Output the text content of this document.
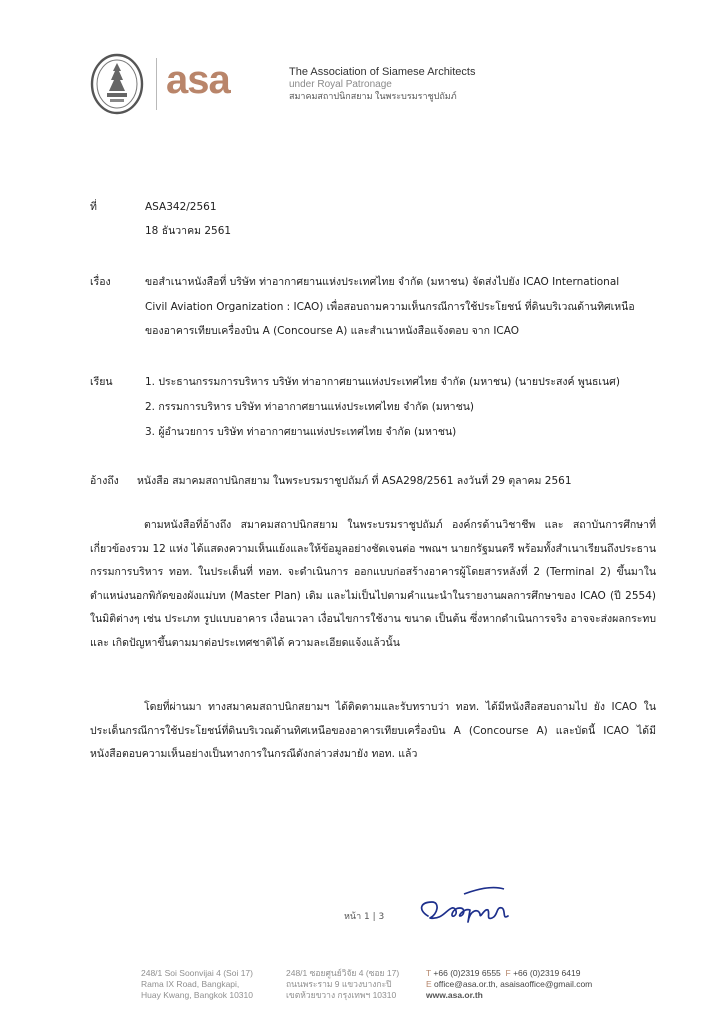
asa	The Association of Siamese Architects
under Royal Patronage
สมาคมสถาปนิกสยาม ในพระบรมราชูปถัมภ์
ที่	ASA342/2561
18 ธันวาคม 2561
เรื่อง	ขอสำเนาหนังสือที่ บริษัท ท่าอากาศยานแห่งประเทศไทย จำกัด (มหาชน) จัดส่งไปยัง ICAO International
Civil Aviation Organization : ICAO) เพื่อสอบถามความเห็นกรณีการใช้ประโยชน์ ที่ดินบริเวณด้านทิศเหนือ
ของอาคารเทียบเครื่องบิน A (Concourse A) และสำเนาหนังสือแจ้งตอบ จาก ICAO
เรียน	1. ประธานกรรมการบริหาร บริษัท ท่าอากาศยานแห่งประเทศไทย จำกัด (มหาชน) (นายประสงค์ พูนธเนศ)
2. กรรมการบริหาร บริษัท ท่าอากาศยานแห่งประเทศไทย จำกัด (มหาชน)
3. ผู้อำนวยการ บริษัท ท่าอากาศยานแห่งประเทศไทย จำกัด (มหาชน)
อ้างถึง หนังสือ สมาคมสถาปนิกสยาม ในพระบรมราชูปถัมภ์ ที่ ASA298/2561 ลงวันที่ 29 ตุลาคม 2561
ตามหนังสือที่อ้างถึง สมาคมสถาปนิกสยาม ในพระบรมราชูปถัมภ์ องค์กรด้านวิชาชีพ และ สถาบันการศึกษาที่เกี่ยวข้องรวม 12 แห่ง ได้แสดงความเห็นแย้งและให้ข้อมูลอย่างชัดเจนต่อ ฯพณฯ นายกรัฐมนตรี พร้อมทั้งสำเนาเรียนถึงประธานกรรมการบริหาร ทอท. ในประเด็นที่ ทอท. จะดำเนินการ ออกแบบก่อสร้างอาคารผู้โดยสารหลังที่ 2 (Terminal 2) ขึ้นมาในตำแหน่งนอกพิกัดของผังแม่บท (Master Plan) เดิม และไม่เป็นไปตามคำแนะนำในรายงานผลการศึกษาของ ICAO (ปี 2554) ในมิติต่างๆ เช่น ประเภท รูปแบบอาคาร เงื่อนเวลา เงื่อนไขการใช้งาน ขนาด เป็นต้น ซึ่งหากดำเนินการจริง อาจจะส่งผลกระทบและ เกิดปัญหาขึ้นตามมาต่อประเทศชาติได้ ความละเอียดแจ้งแล้วนั้น
โดยที่ผ่านมา ทางสมาคมสถาปนิกสยามฯ ได้ติดตามและรับทราบว่า ทอท. ได้มีหนังสือสอบถามไป ยัง ICAO ในประเด็นกรณีการใช้ประโยชน์ที่ดินบริเวณด้านทิศเหนือของอาคารเทียบเครื่องบิน A (Concourse A) และบัดนี้ ICAO ได้มีหนังสือตอบความเห็นอย่างเป็นทางการในกรณีดังกล่าวส่งมายัง ทอท. แล้ว
หน้า 1 | 3
248/1 Soi Soonvijai 4 (Soi 17)
Rama IX Road, Bangkapi,
Huay Kwang, Bangkok 10310
248/1 ซอยศูนย์วิจัย 4 (ซอย 17)
ถนนพระราม 9 แขวงบางกะปิ
เขตห้วยขวาง กรุงเทพฯ 10310
T +66 (0)2319 6555 F +66 (0)2319 6419
E office@asa.or.th, asaisaoffice@gmail.com
www.asa.or.th
